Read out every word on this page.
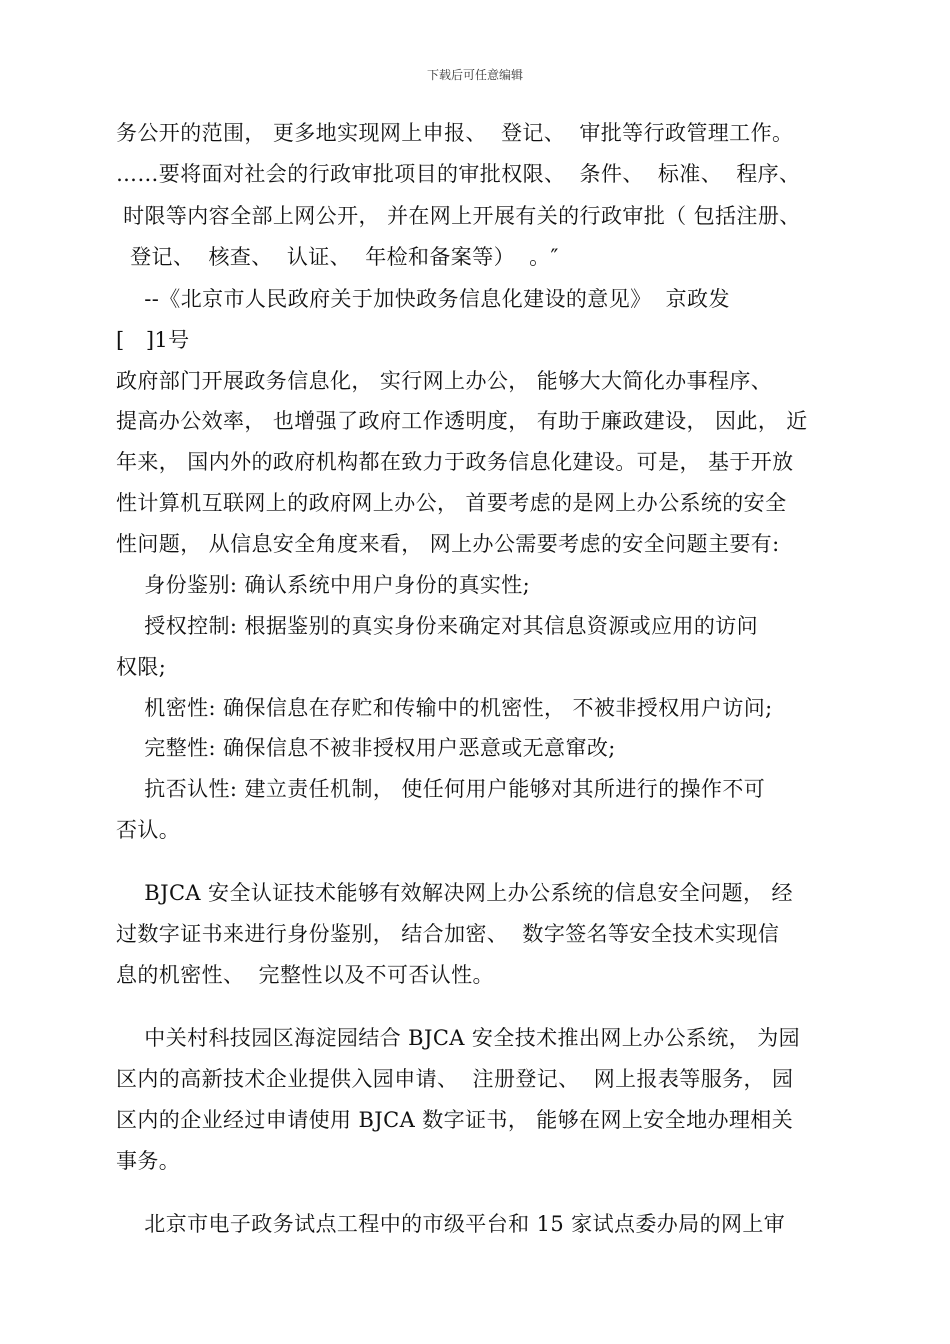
下载后可任意编辑
务公开的范围， 更多地实现网上申报、  登记、  审批等行政管理工作。
……要将面对社会的行政审批项目的审批权限、  条件、  标准、  程序、
时限等内容全部上网公开， 并在网上开展有关的行政审批（ 包括注册、
登记、  核查、  认证、  年检和备案等）  。″
--《北京市人民政府关于加快政务信息化建设的意见》  京政发
[   ]1号
政府部门开展政务信息化， 实行网上办公， 能够大大简化办事程序、
提高办公效率， 也增强了政府工作透明度， 有助于廉政建设， 因此， 近
年来， 国内外的政府机构都在致力于政务信息化建设。可是， 基于开放
性计算机互联网上的政府网上办公， 首要考虑的是网上办公系统的安全
性问题， 从信息安全角度来看， 网上办公需要考虑的安全问题主要有:
身份鉴别: 确认系统中用户身份的真实性;
授权控制: 根据鉴别的真实身份来确定对其信息资源或应用的访问
权限;
机密性: 确保信息在存贮和传输中的机密性， 不被非授权用户访问;
完整性: 确保信息不被非授权用户恶意或无意窜改;
抗否认性: 建立责任机制， 使任何用户能够对其所进行的操作不可
否认。
BJCA 安全认证技术能够有效解决网上办公系统的信息安全问题， 经
过数字证书来进行身份鉴别， 结合加密、  数字签名等安全技术实现信
息的机密性、  完整性以及不可否认性。
中关村科技园区海淀园结合 BJCA 安全技术推出网上办公系统， 为园
区内的高新技术企业提供入园申请、  注册登记、  网上报表等服务， 园
区内的企业经过申请使用 BJCA 数字证书， 能够在网上安全地办理相关
事务。
北京市电子政务试点工程中的市级平台和 15 家试点委办局的网上审
